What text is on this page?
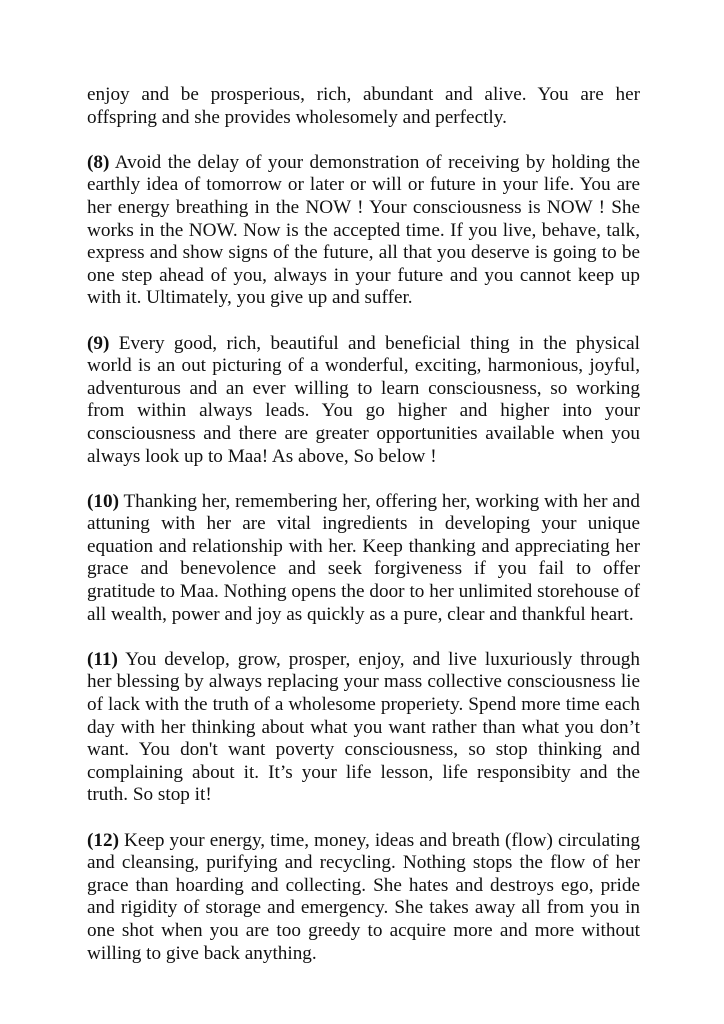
enjoy and be prosperious, rich, abundant and alive. You are her offspring and she provides wholesomely and perfectly.

(8) Avoid the delay of your demonstration of receiving by holding the earthly idea of tomorrow or later or will or future in your life. You are her energy breathing in the NOW ! Your consciousness is NOW ! She works in the NOW. Now is the accepted time. If you live, behave, talk, express and show signs of the future, all that you deserve is going to be one step ahead of you, always in your future and you cannot keep up with it. Ultimately, you give up and suffer.

(9) Every good, rich, beautiful and beneficial thing in the physical world is an out picturing of a wonderful, exciting, harmonious, joyful, adventurous and an ever willing to learn consciousness, so working from within always leads. You go higher and higher into your consciousness and there are greater opportunities available when you always look up to Maa! As above, So below !

(10) Thanking her, remembering her, offering her, working with her and attuning with her are vital ingredients in developing your unique equation and relationship with her. Keep thanking and appreciating her grace and benevolence and seek forgiveness if you fail to offer gratitude to Maa. Nothing opens the door to her unlimited storehouse of all wealth, power and joy as quickly as a pure, clear and thankful heart.

(11) You develop, grow, prosper, enjoy, and live luxuriously through her blessing by always replacing your mass collective consciousness lie of lack with the truth of a wholesome properiety. Spend more time each day with her thinking about what you want rather than what you don’t want. You don't want poverty consciousness, so stop thinking and complaining about it. It’s your life lesson, life responsibity and the truth. So stop it!

(12) Keep your energy, time, money, ideas and breath (flow) circulating and cleansing, purifying and recycling. Nothing stops the flow of her grace than hoarding and collecting. She hates and destroys ego, pride and rigidity of storage and emergency. She takes away all from you in one shot when you are too greedy to acquire more and more without willing to give back anything.
